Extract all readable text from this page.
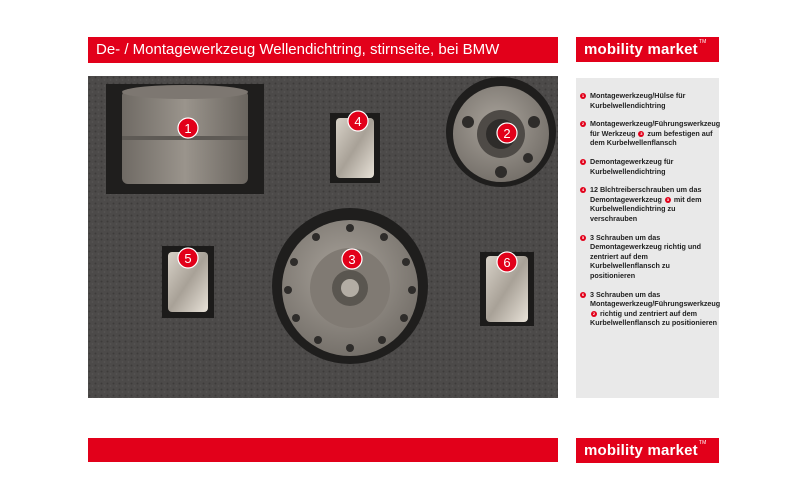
De- / Montagewerkzeug Wellendichtring, stirnseite, bei BMW	mobility market™
1	2
3
4
5	6
1 Montagewerkzeug/Hülse für Kurbelwellendichtring
2 Montagewerkzeug/Führungswerkzeug für Werkzeug 3 zum befestigen auf dem Kurbelwellenflansch
3 Demontagewerkzeug für Kurbelwellendichtring
4 12 Blchtreiberschrauben um das Demontagewerkzeug 3 mit dem Kurbelwellendichtring zu verschrauben
5 3 Schrauben um das Demontagewerkzeug richtig und zentriert auf dem Kurbelwellenflansch zu positionieren
6 3 Schrauben um das Montagewerkzeug/Führungswerkzeug 2 richtig und zentriert auf dem Kurbelwellenflansch zu positionieren
mobility market™
